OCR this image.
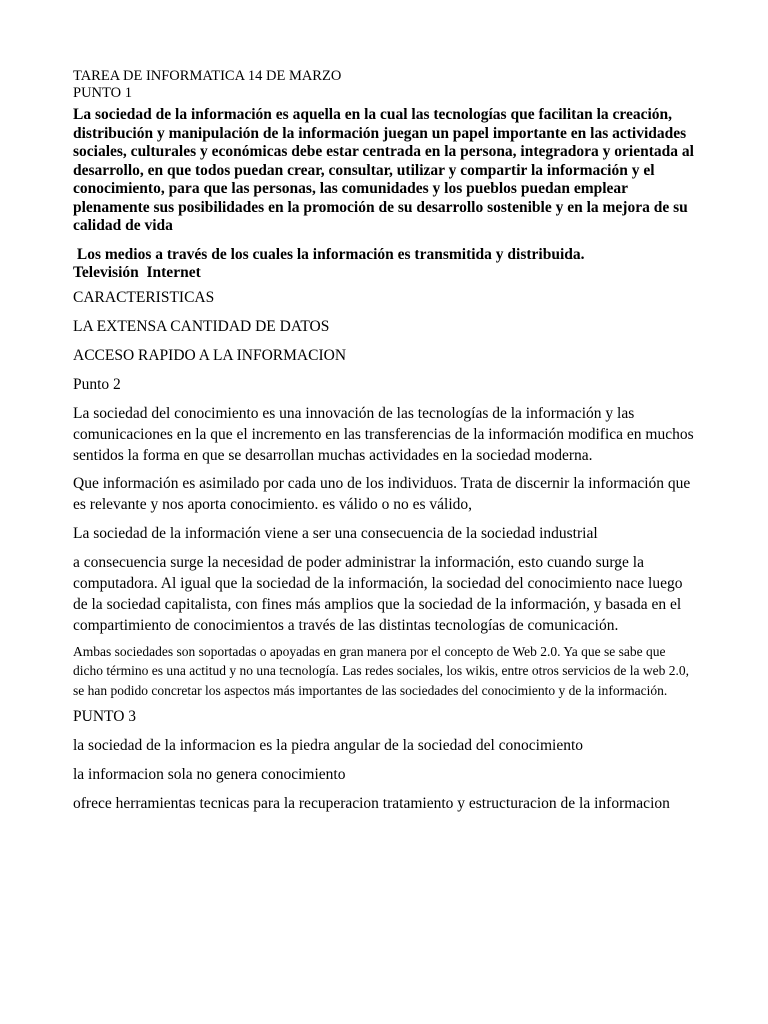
TAREA DE INFORMATICA 14 DE MARZO

PUNTO 1

La sociedad de la información es aquella en la cual las tecnologías que facilitan la creación, distribución y manipulación de la información juegan un papel importante en las actividades sociales, culturales y económicas debe estar centrada en la persona, integradora y orientada al desarrollo, en que todos puedan crear, consultar, utilizar y compartir la información y el conocimiento, para que las personas, las comunidades y los pueblos puedan emplear plenamente sus posibilidades en la promoción de su desarrollo sostenible y en la mejora de su calidad de vida

Los medios a través de los cuales la información es transmitida y distribuida.

Televisión  Internet

CARACTERISTICAS

LA EXTENSA CANTIDAD DE DATOS

ACCESO RAPIDO A LA INFORMACION

Punto 2

La sociedad del conocimiento es una innovación de las tecnologías de la información y las comunicaciones en la que el incremento en las transferencias de la información modifica en muchos sentidos la forma en que se desarrollan muchas actividades en la sociedad moderna.

Que información es asimilado por cada uno de los individuos. Trata de discernir la información que es relevante y nos aporta conocimiento. es válido o no es válido,

La sociedad de la información viene a ser una consecuencia de la sociedad industrial

a consecuencia surge la necesidad de poder administrar la información, esto cuando surge la computadora. Al igual que la sociedad de la información, la sociedad del conocimiento nace luego de la sociedad capitalista, con fines más amplios que la sociedad de la información, y basada en el compartimiento de conocimientos a través de las distintas tecnologías de comunicación.

Ambas sociedades son soportadas o apoyadas en gran manera por el concepto de Web 2.0. Ya que se sabe que dicho término es una actitud y no una tecnología. Las redes sociales, los wikis, entre otros servicios de la web 2.0, se han podido concretar los aspectos más importantes de las sociedades del conocimiento y de la información.

PUNTO 3

la sociedad de la informacion es la piedra angular de la sociedad del conocimiento

la informacion sola no genera conocimiento

ofrece herramientas tecnicas para la recuperacion tratamiento y estructuracion de la informacion
